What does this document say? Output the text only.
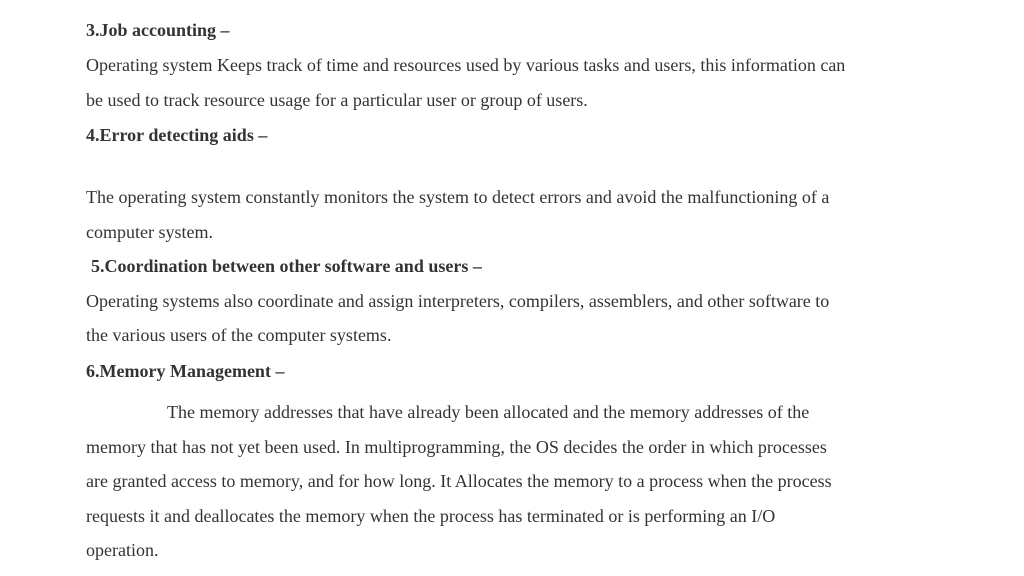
3.Job accounting –
Operating system Keeps track of time and resources used by various tasks and users, this information can
be used to track resource usage for a particular user or group of users.
4.Error detecting aids –
The operating system constantly monitors the system to detect errors and avoid the malfunctioning of a
computer system.
5.Coordination between other software and users –
Operating systems also coordinate and assign interpreters, compilers, assemblers, and other software to
the various users of the computer systems.
6.Memory Management –
The memory addresses that have already been allocated and the memory addresses of the
memory that has not yet been used. In multiprogramming, the OS decides the order in which processes
are granted access to memory, and for how long. It Allocates the memory to a process when the process
requests it and deallocates the memory when the process has terminated or is performing an I/O
operation.
